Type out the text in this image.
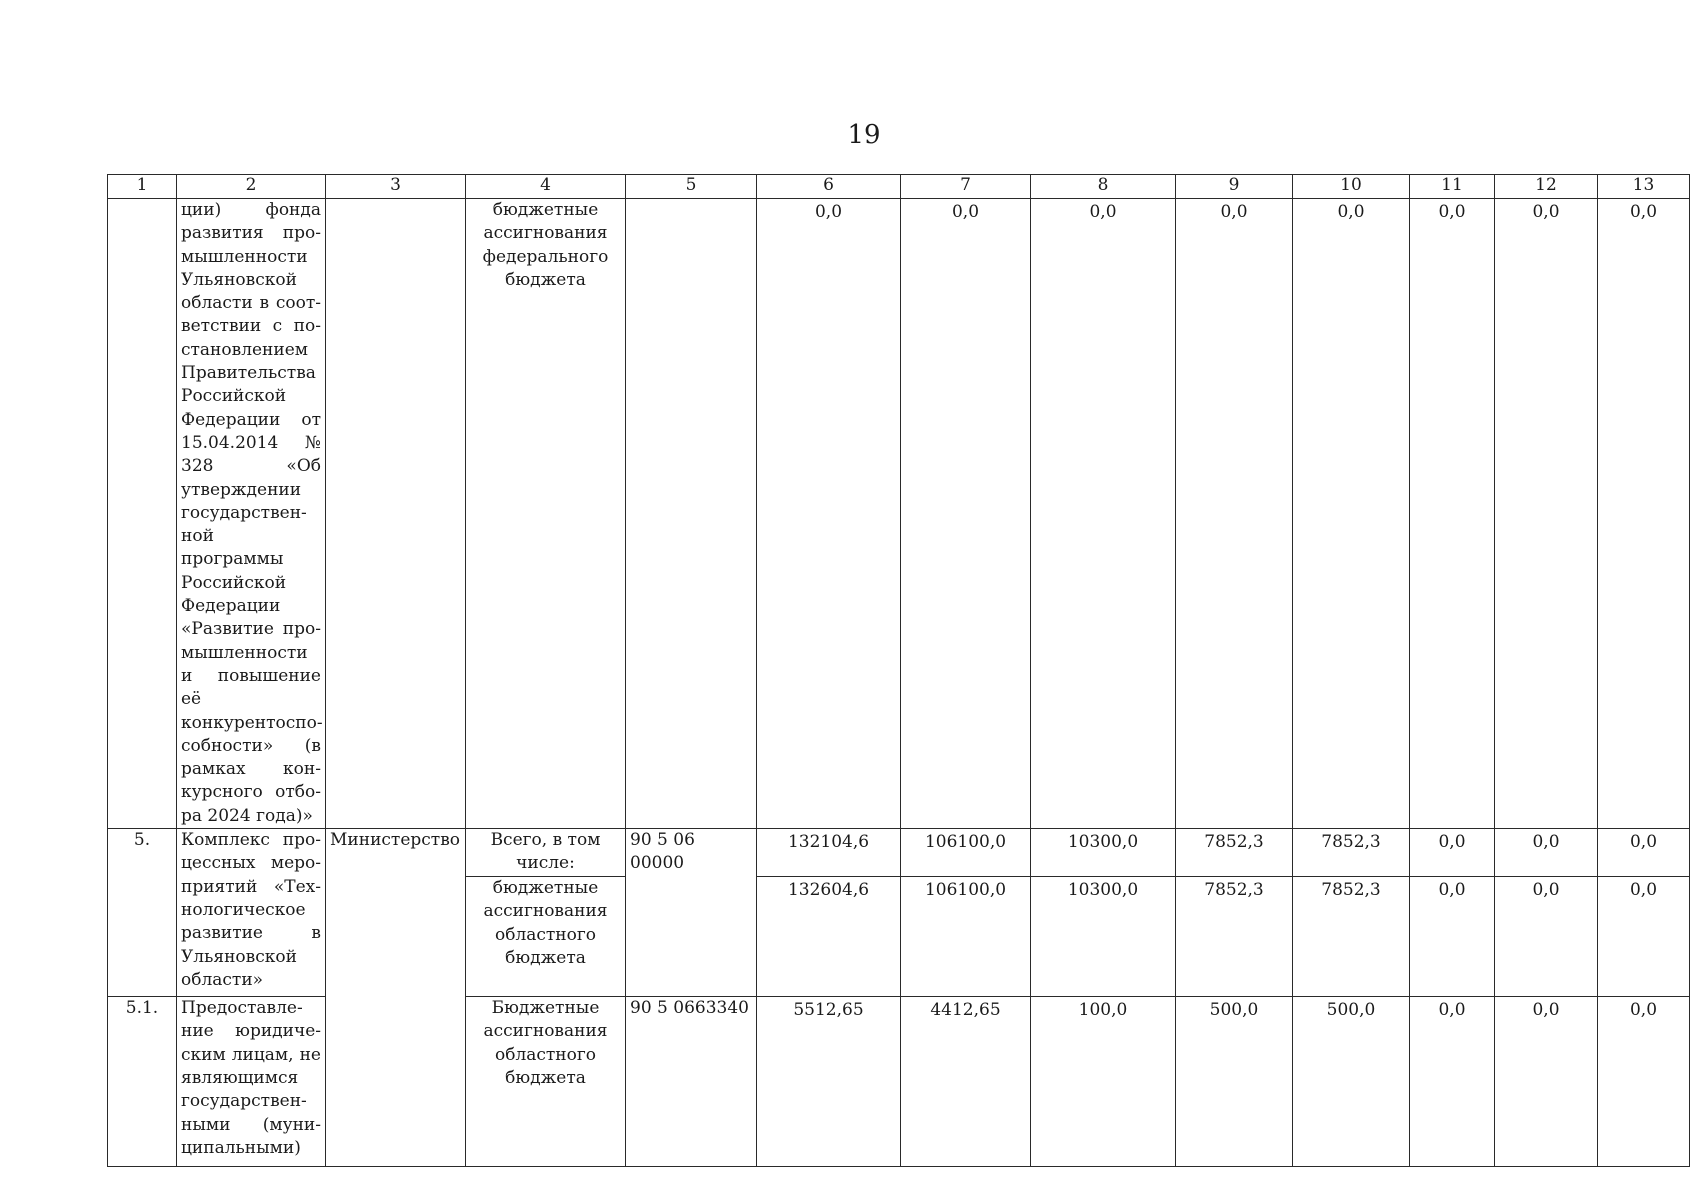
19
1	2	3	4	5	6	7	8	9	10	11	12	13
	ции) фонда развития про-мышленности Ульяновской области в соот-ветствии с по-становлением Правительства Российской Федерации от 15.04.2014 № 328 «Об утверждении государствен-ной программы Российской Федерации «Развитие про-мышленности и повышение её конкурентоспо-собности» (в рамках кон-курсного отбо-ра 2024 года)»		бюджетные ассигнования федерального бюджета		0,0	0,0	0,0	0,0	0,0	0,0	0,0	0,0
5.	Комплекс про-цессных меро-приятий «Тех-нологическое развитие в Ульяновской области»	Министерство	Всего, в том числе:	90 5 06 00000	132104,6	106100,0	10300,0	7852,3	7852,3	0,0	0,0	0,0
			бюджетные ассигнования областного бюджета		132604,6	106100,0	10300,0	7852,3	7852,3	0,0	0,0	0,0
5.1.	Предоставле-ние юридиче-ским лицам, не являющимся государствен-ными (муни-ципальными)		Бюджетные ассигнования областного бюджета	90 5 0663340	5512,65	4412,65	100,0	500,0	500,0	0,0	0,0	0,0
